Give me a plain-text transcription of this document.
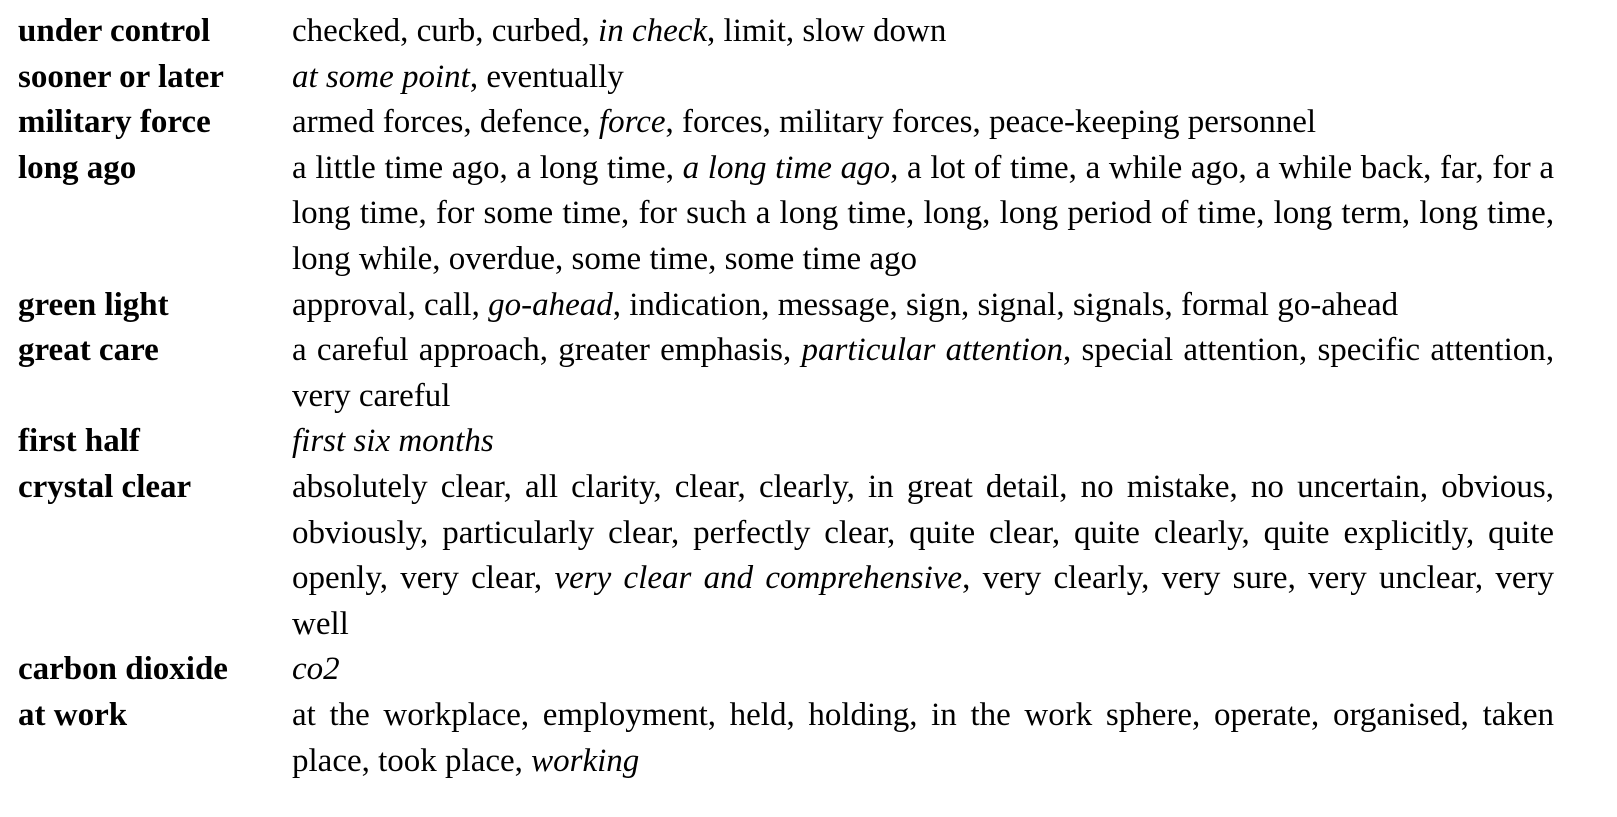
under control	checked, curb, curbed, in check, limit, slow down
sooner or later	at some point, eventually
military force	armed forces, defence, force, forces, military forces, peace-keeping personnel
long ago	a little time ago, a long time, a long time ago, a lot of time, a while ago, a while back, far, for a long time, for some time, for such a long time, long, long period of time, long term, long time, long while, overdue, some time, some time ago
green light	approval, call, go-ahead, indication, message, sign, signal, signals, formal go-ahead
great care	a careful approach, greater emphasis, particular attention, special attention, specific attention, very careful
first half	first six months
crystal clear	absolutely clear, all clarity, clear, clearly, in great detail, no mistake, no uncertain, obvious, obviously, particularly clear, perfectly clear, quite clear, quite clearly, quite explicitly, quite openly, very clear, very clear and comprehensive, very clearly, very sure, very unclear, very well
carbon dioxide	co2
at work	at the workplace, employment, held, holding, in the work sphere, operate, organised, taken place, took place, working
